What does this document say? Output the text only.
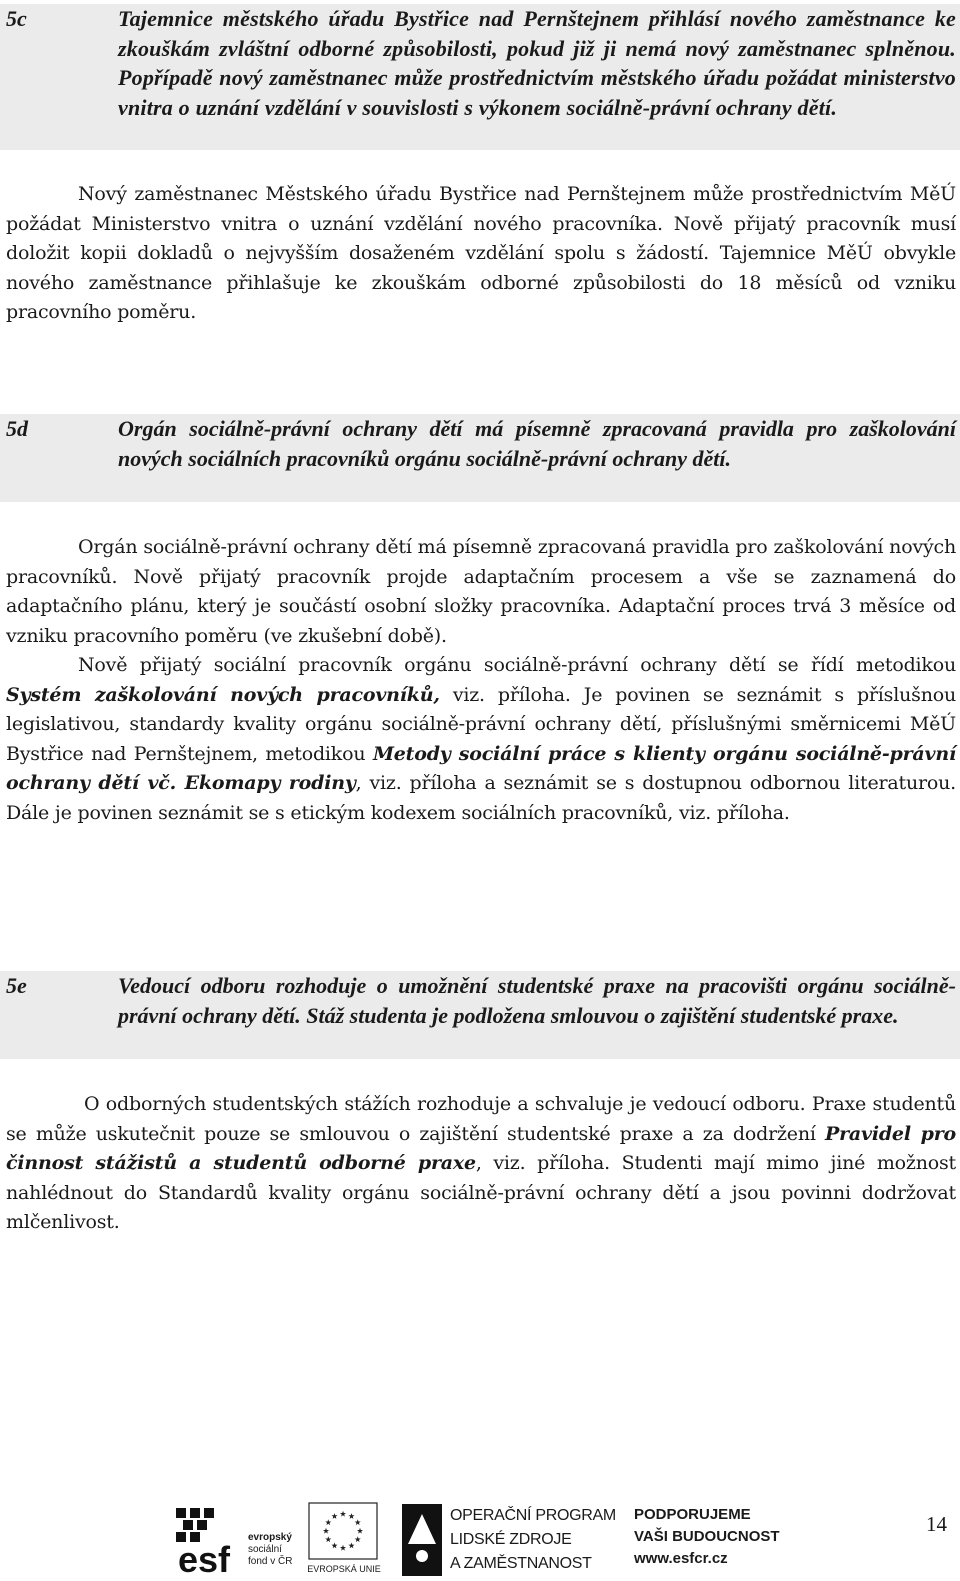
5c	Tajemnice městského úřadu Bystřice nad Pernštejnem přihlásí nového zaměstnance ke zkouškám zvláštní odborné způsobilosti, pokud již ji nemá nový zaměstnanec splněnou. Popřípadě nový zaměstnanec může prostřednictvím městského úřadu požádat ministerstvo vnitra o uznání vzdělání v souvislosti s výkonem sociálně-právní ochrany dětí.

Nový zaměstnanec Městského úřadu Bystřice nad Pernštejnem může prostřednictvím MěÚ požádat Ministerstvo vnitra o uznání vzdělání nového pracovníka. Nově přijatý pracovník musí doložit kopii dokladů o nejvyšším dosaženém vzdělání spolu s žádostí. Tajemnice MěÚ obvykle nového zaměstnance přihlašuje ke zkouškám odborné způsobilosti do 18 měsíců od vzniku pracovního poměru.

5d	Orgán sociálně-právní ochrany dětí má písemně zpracovaná pravidla pro zaškolování nových sociálních pracovníků orgánu sociálně-právní ochrany dětí.

Orgán sociálně-právní ochrany dětí má písemně zpracovaná pravidla pro zaškolování nových pracovníků. Nově přijatý pracovník projde adaptačním procesem a vše se zaznamená do adaptačního plánu, který je součástí osobní složky pracovníka. Adaptační proces trvá 3 měsíce od vzniku pracovního poměru (ve zkušební době).

Nově přijatý sociální pracovník orgánu sociálně-právní ochrany dětí se řídí metodikou Systém zaškolování nových pracovníků, viz. příloha. Je povinen se seznámit s příslušnou legislativou, standardy kvality orgánu sociálně-právní ochrany dětí, příslušnými směrnicemi MěÚ Bystřice nad Pernštejnem, metodikou Metody sociální práce s klienty orgánu sociálně-právní ochrany dětí vč. Ekomapy rodiny, viz. příloha a seznámit se s dostupnou odbornou literaturou. Dále je povinen seznámit se s etickým kodexem sociálních pracovníků, viz. příloha.

5e	Vedoucí odboru rozhoduje o umožnění studentské praxe na pracovišti orgánu sociálně-právní ochrany dětí. Stáž studenta je podložena smlouvou o zajištění studentské praxe.

O odborných studentských stážích rozhoduje a schvaluje je vedoucí odboru. Praxe studentů se může uskutečnit pouze se smlouvou o zajištění studentské praxe a za dodržení Pravidel pro činnost stážistů a studentů odborné praxe, viz. příloha. Studenti mají mimo jiné možnost nahlédnout do Standardů kvality orgánu sociálně-právní ochrany dětí a jsou povinni dodržovat mlčenlivost.

esf
evropský
sociální
fond v ČR
EVROPSKÁ UNIE
OPERAČNÍ PROGRAM
LIDSKÉ ZDROJE
A ZAMĚSTNANOST
PODPORUJEME
VAŠI BUDOUCNOST
www.esfcr.cz
14
